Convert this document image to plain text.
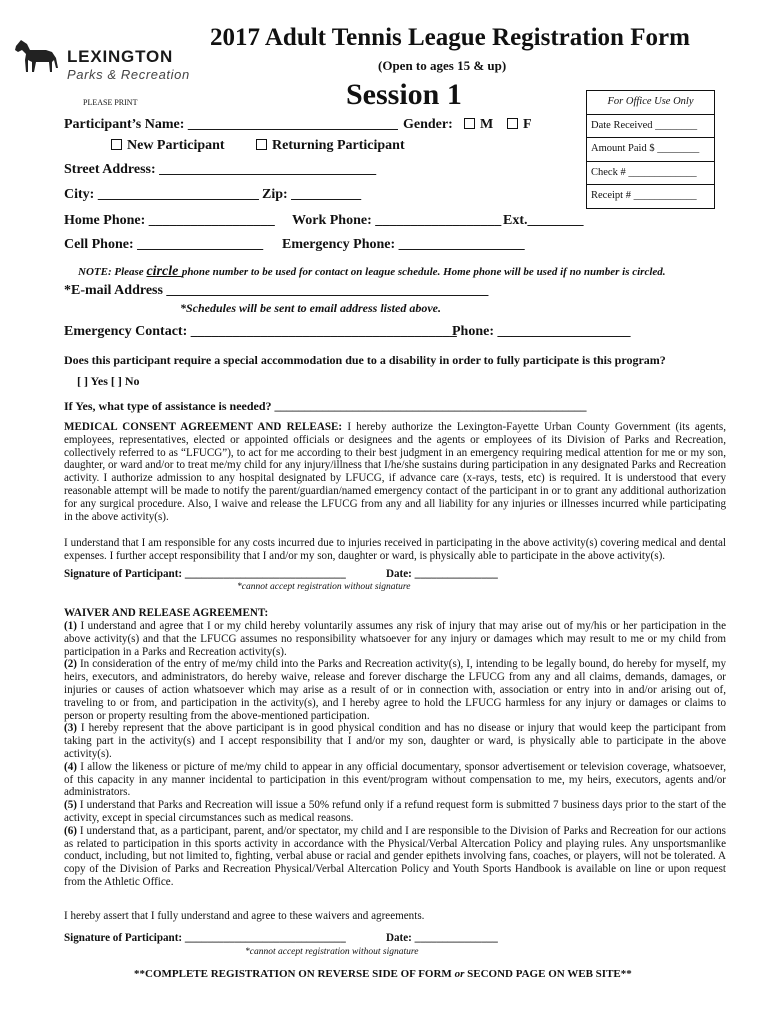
LEXINGTON
Parks & Recreation
2017 Adult Tennis League Registration Form
(Open to ages 15 & up)
Session 1
PLEASE PRINT	For Office Use Only
Date Received ________
Amount Paid $ ________
Check # _____________
Receipt # ____________
Participant’s Name: ______________________________ Gender:	M	F
New Participant	Returning Participant
Street Address: _______________________________
City: _______________________ Zip: __________
Home Phone: __________________ Work Phone: __________________ Ext.________
Cell Phone: __________________ Emergency Phone: __________________
NOTE: Please circle phone number to be used for contact on league schedule. Home phone will be used if no number is circled.
*E-mail Address ______________________________________________
*Schedules will be sent to email address listed above.
Emergency Contact: ______________________________________
Phone: ___________________
Does this participant require a special accommodation due to a disability in order to fully participate is this program?
[ ] Yes [ ] No
If Yes, what type of assistance is needed? ____________________________________________________
MEDICAL CONSENT AGREEMENT AND RELEASE: I hereby authorize the Lexington-Fayette Urban County Government (its agents, employees, representatives, elected or appointed officials or designees and the agents or employees of its Division of Parks and Recreation, collectively referred to as “LFUCG”), to act for me according to their best judgment in an emergency requiring medical attention for me or my son, daughter, or ward and/or to treat me/my child for any injury/illness that I/he/she sustains during participation in any designated Parks and Recreation activity. I authorize admission to any hospital designated by LFUCG, if advance care (x-rays, tests, etc) is required. It is understood that every reasonable attempt will be made to notify the parent/guardian/named emergency contact of the participant in or to grant any additional authorization for any surgical procedure. Also, I waive and release the LFUCG from any and all liability for any injuries or illnesses incurred while participating in the above activity(s).
I understand that I am responsible for any costs incurred due to injuries received in participating in the above activity(s) covering medical and dental expenses. I further accept responsibility that I and/or my son, daughter or ward, is physically able to participate in the above activity(s).
Signature of Participant: _____________________________	Date: _______________
*cannot accept registration without signature
WAIVER AND RELEASE AGREEMENT:
(1) I understand and agree that I or my child hereby voluntarily assumes any risk of injury that may arise out of my/his or her participation in the above activity(s) and that the LFUCG assumes no responsibility whatsoever for any injury or damages which may result to me or my child from participation in a Parks and Recreation activity(s).
(2) In consideration of the entry of me/my child into the Parks and Recreation activity(s), I, intending to be legally bound, do hereby for myself, my heirs, executors, and administrators, do hereby waive, release and forever discharge the LFUCG from any and all claims, demands, damages, or injuries or causes of action whatsoever which may arise as a result of or in connection with, association or entry into in and/or arising out of, traveling to or from, and participation in the activity(s), and I hereby agree to hold the LFUCG harmless for any injury or damages or claims to person or property resulting from the above-mentioned participation.
(3) I hereby represent that the above participant is in good physical condition and has no disease or injury that would keep the participant from taking part in the activity(s) and I accept responsibility that I and/or my son, daughter or ward, is physically able to participate in the above activity(s).
(4) I allow the likeness or picture of me/my child to appear in any official documentary, sponsor advertisement or television coverage, whatsoever, of this capacity in any manner incidental to participation in this event/program without compensation to me, my heirs, executors, agents and/or administrators.
(5) I understand that Parks and Recreation will issue a 50% refund only if a refund request form is submitted 7 business days prior to the start of the activity, except in special circumstances such as medical reasons.
(6) I understand that, as a participant, parent, and/or spectator, my child and I are responsible to the Division of Parks and Recreation for our actions as related to participation in this sports activity in accordance with the Physical/Verbal Altercation Policy and playing rules. Any unsportsmanlike conduct, including, but not limited to, fighting, verbal abuse or racial and gender epithets involving fans, coaches, or players, will not be tolerated. A copy of the Division of Parks and Recreation Physical/Verbal Altercation Policy and Youth Sports Handbook is available on line or upon request from the Athletic Office.
I hereby assert that I fully understand and agree to these waivers and agreements.
Signature of Participant: _____________________________	Date: _______________
*cannot accept registration without signature
**COMPLETE REGISTRATION ON REVERSE SIDE OF FORM or SECOND PAGE ON WEB SITE**
